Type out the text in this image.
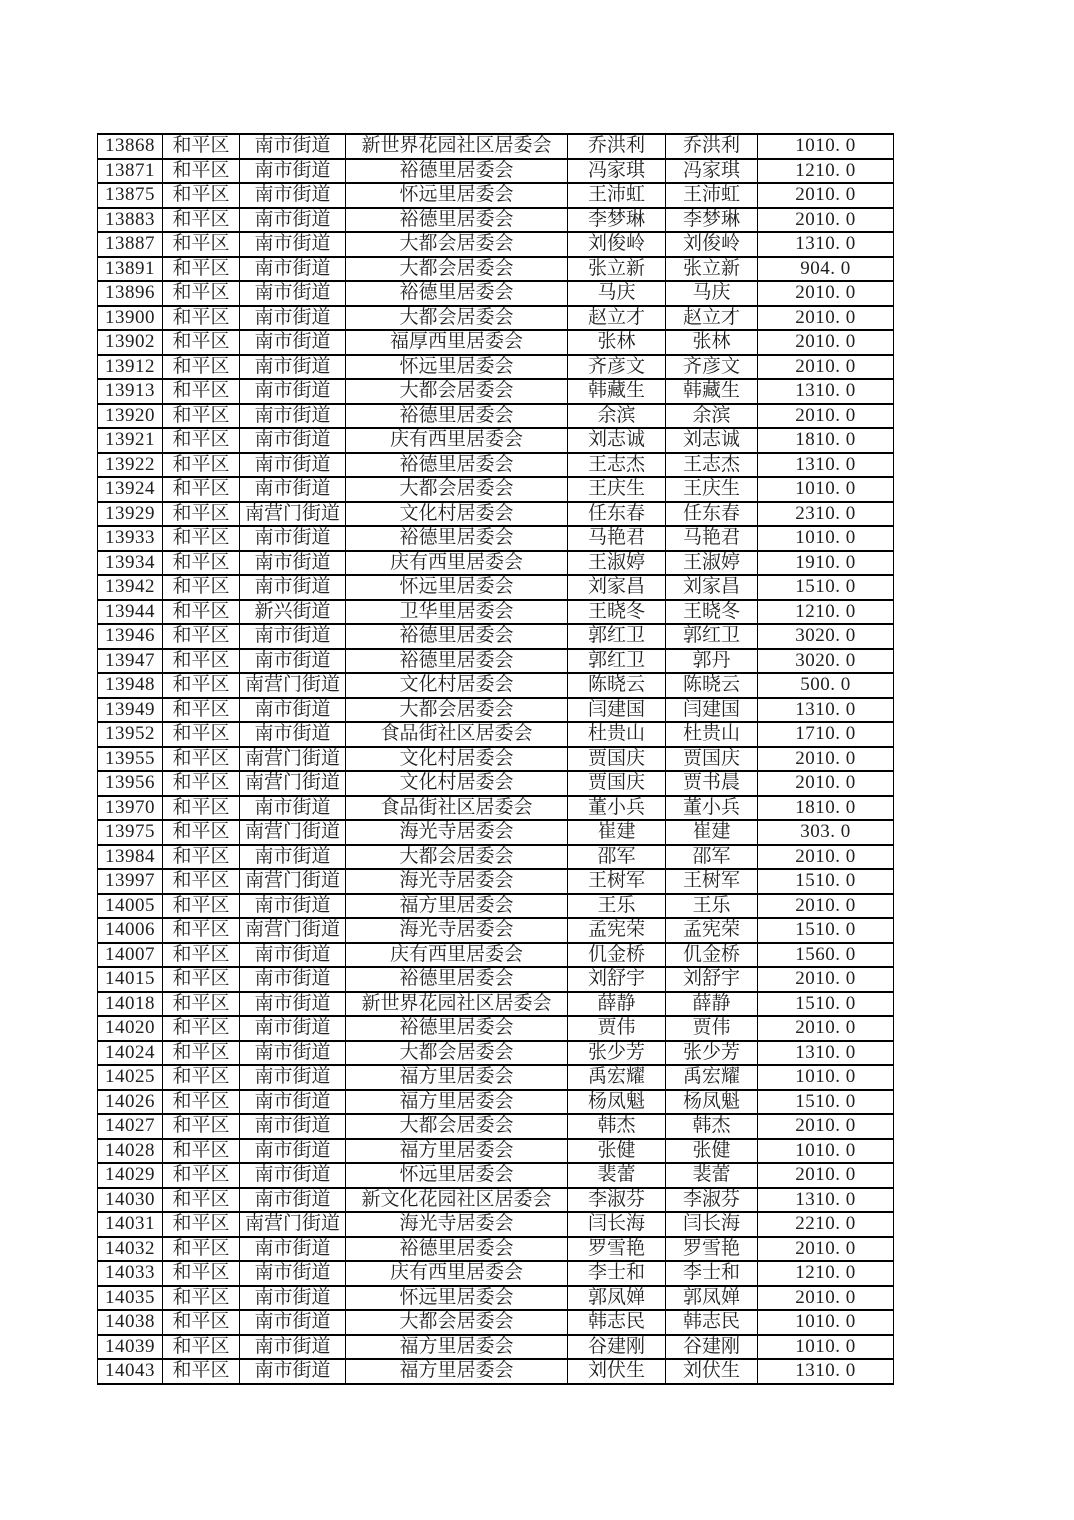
13868	和平区	南市街道	新世界花园社区居委会	乔洪利	乔洪利	1010. 0
13871	和平区	南市街道	裕德里居委会	冯家琪	冯家琪	1210. 0
13875	和平区	南市街道	怀远里居委会	王沛虹	王沛虹	2010. 0
13883	和平区	南市街道	裕德里居委会	李梦琳	李梦琳	2010. 0
13887	和平区	南市街道	大都会居委会	刘俊岭	刘俊岭	1310. 0
13891	和平区	南市街道	大都会居委会	张立新	张立新	904. 0
13896	和平区	南市街道	裕德里居委会	马庆	马庆	2010. 0
13900	和平区	南市街道	大都会居委会	赵立才	赵立才	2010. 0
13902	和平区	南市街道	福厚西里居委会	张林	张林	2010. 0
13912	和平区	南市街道	怀远里居委会	齐彦文	齐彦文	2010. 0
13913	和平区	南市街道	大都会居委会	韩藏生	韩藏生	1310. 0
13920	和平区	南市街道	裕德里居委会	余滨	余滨	2010. 0
13921	和平区	南市街道	庆有西里居委会	刘志诚	刘志诚	1810. 0
13922	和平区	南市街道	裕德里居委会	王志杰	王志杰	1310. 0
13924	和平区	南市街道	大都会居委会	王庆生	王庆生	1010. 0
13929	和平区	南营门街道	文化村居委会	任东春	任东春	2310. 0
13933	和平区	南市街道	裕德里居委会	马艳君	马艳君	1010. 0
13934	和平区	南市街道	庆有西里居委会	王淑婷	王淑婷	1910. 0
13942	和平区	南市街道	怀远里居委会	刘家昌	刘家昌	1510. 0
13944	和平区	新兴街道	卫华里居委会	王晓冬	王晓冬	1210. 0
13946	和平区	南市街道	裕德里居委会	郭红卫	郭红卫	3020. 0
13947	和平区	南市街道	裕德里居委会	郭红卫	郭丹	3020. 0
13948	和平区	南营门街道	文化村居委会	陈晓云	陈晓云	500. 0
13949	和平区	南市街道	大都会居委会	闫建国	闫建国	1310. 0
13952	和平区	南市街道	食品街社区居委会	杜贵山	杜贵山	1710. 0
13955	和平区	南营门街道	文化村居委会	贾国庆	贾国庆	2010. 0
13956	和平区	南营门街道	文化村居委会	贾国庆	贾书晨	2010. 0
13970	和平区	南市街道	食品街社区居委会	董小兵	董小兵	1810. 0
13975	和平区	南营门街道	海光寺居委会	崔建	崔建	303. 0
13984	和平区	南市街道	大都会居委会	邵军	邵军	2010. 0
13997	和平区	南营门街道	海光寺居委会	王树军	王树军	1510. 0
14005	和平区	南市街道	福方里居委会	王乐	王乐	2010. 0
14006	和平区	南营门街道	海光寺居委会	孟宪荣	孟宪荣	1510. 0
14007	和平区	南市街道	庆有西里居委会	仉金桥	仉金桥	1560. 0
14015	和平区	南市街道	裕德里居委会	刘舒宇	刘舒宇	2010. 0
14018	和平区	南市街道	新世界花园社区居委会	薛静	薛静	1510. 0
14020	和平区	南市街道	裕德里居委会	贾伟	贾伟	2010. 0
14024	和平区	南市街道	大都会居委会	张少芳	张少芳	1310. 0
14025	和平区	南市街道	福方里居委会	禹宏耀	禹宏耀	1010. 0
14026	和平区	南市街道	福方里居委会	杨凤魁	杨凤魁	1510. 0
14027	和平区	南市街道	大都会居委会	韩杰	韩杰	2010. 0
14028	和平区	南市街道	福方里居委会	张健	张健	1010. 0
14029	和平区	南市街道	怀远里居委会	裴蕾	裴蕾	2010. 0
14030	和平区	南市街道	新文化花园社区居委会	李淑芬	李淑芬	1310. 0
14031	和平区	南营门街道	海光寺居委会	闫长海	闫长海	2210. 0
14032	和平区	南市街道	裕德里居委会	罗雪艳	罗雪艳	2010. 0
14033	和平区	南市街道	庆有西里居委会	李士和	李士和	1210. 0
14035	和平区	南市街道	怀远里居委会	郭凤婵	郭凤婵	2010. 0
14038	和平区	南市街道	大都会居委会	韩志民	韩志民	1010. 0
14039	和平区	南市街道	福方里居委会	谷建刚	谷建刚	1010. 0
14043	和平区	南市街道	福方里居委会	刘伏生	刘伏生	1310. 0
